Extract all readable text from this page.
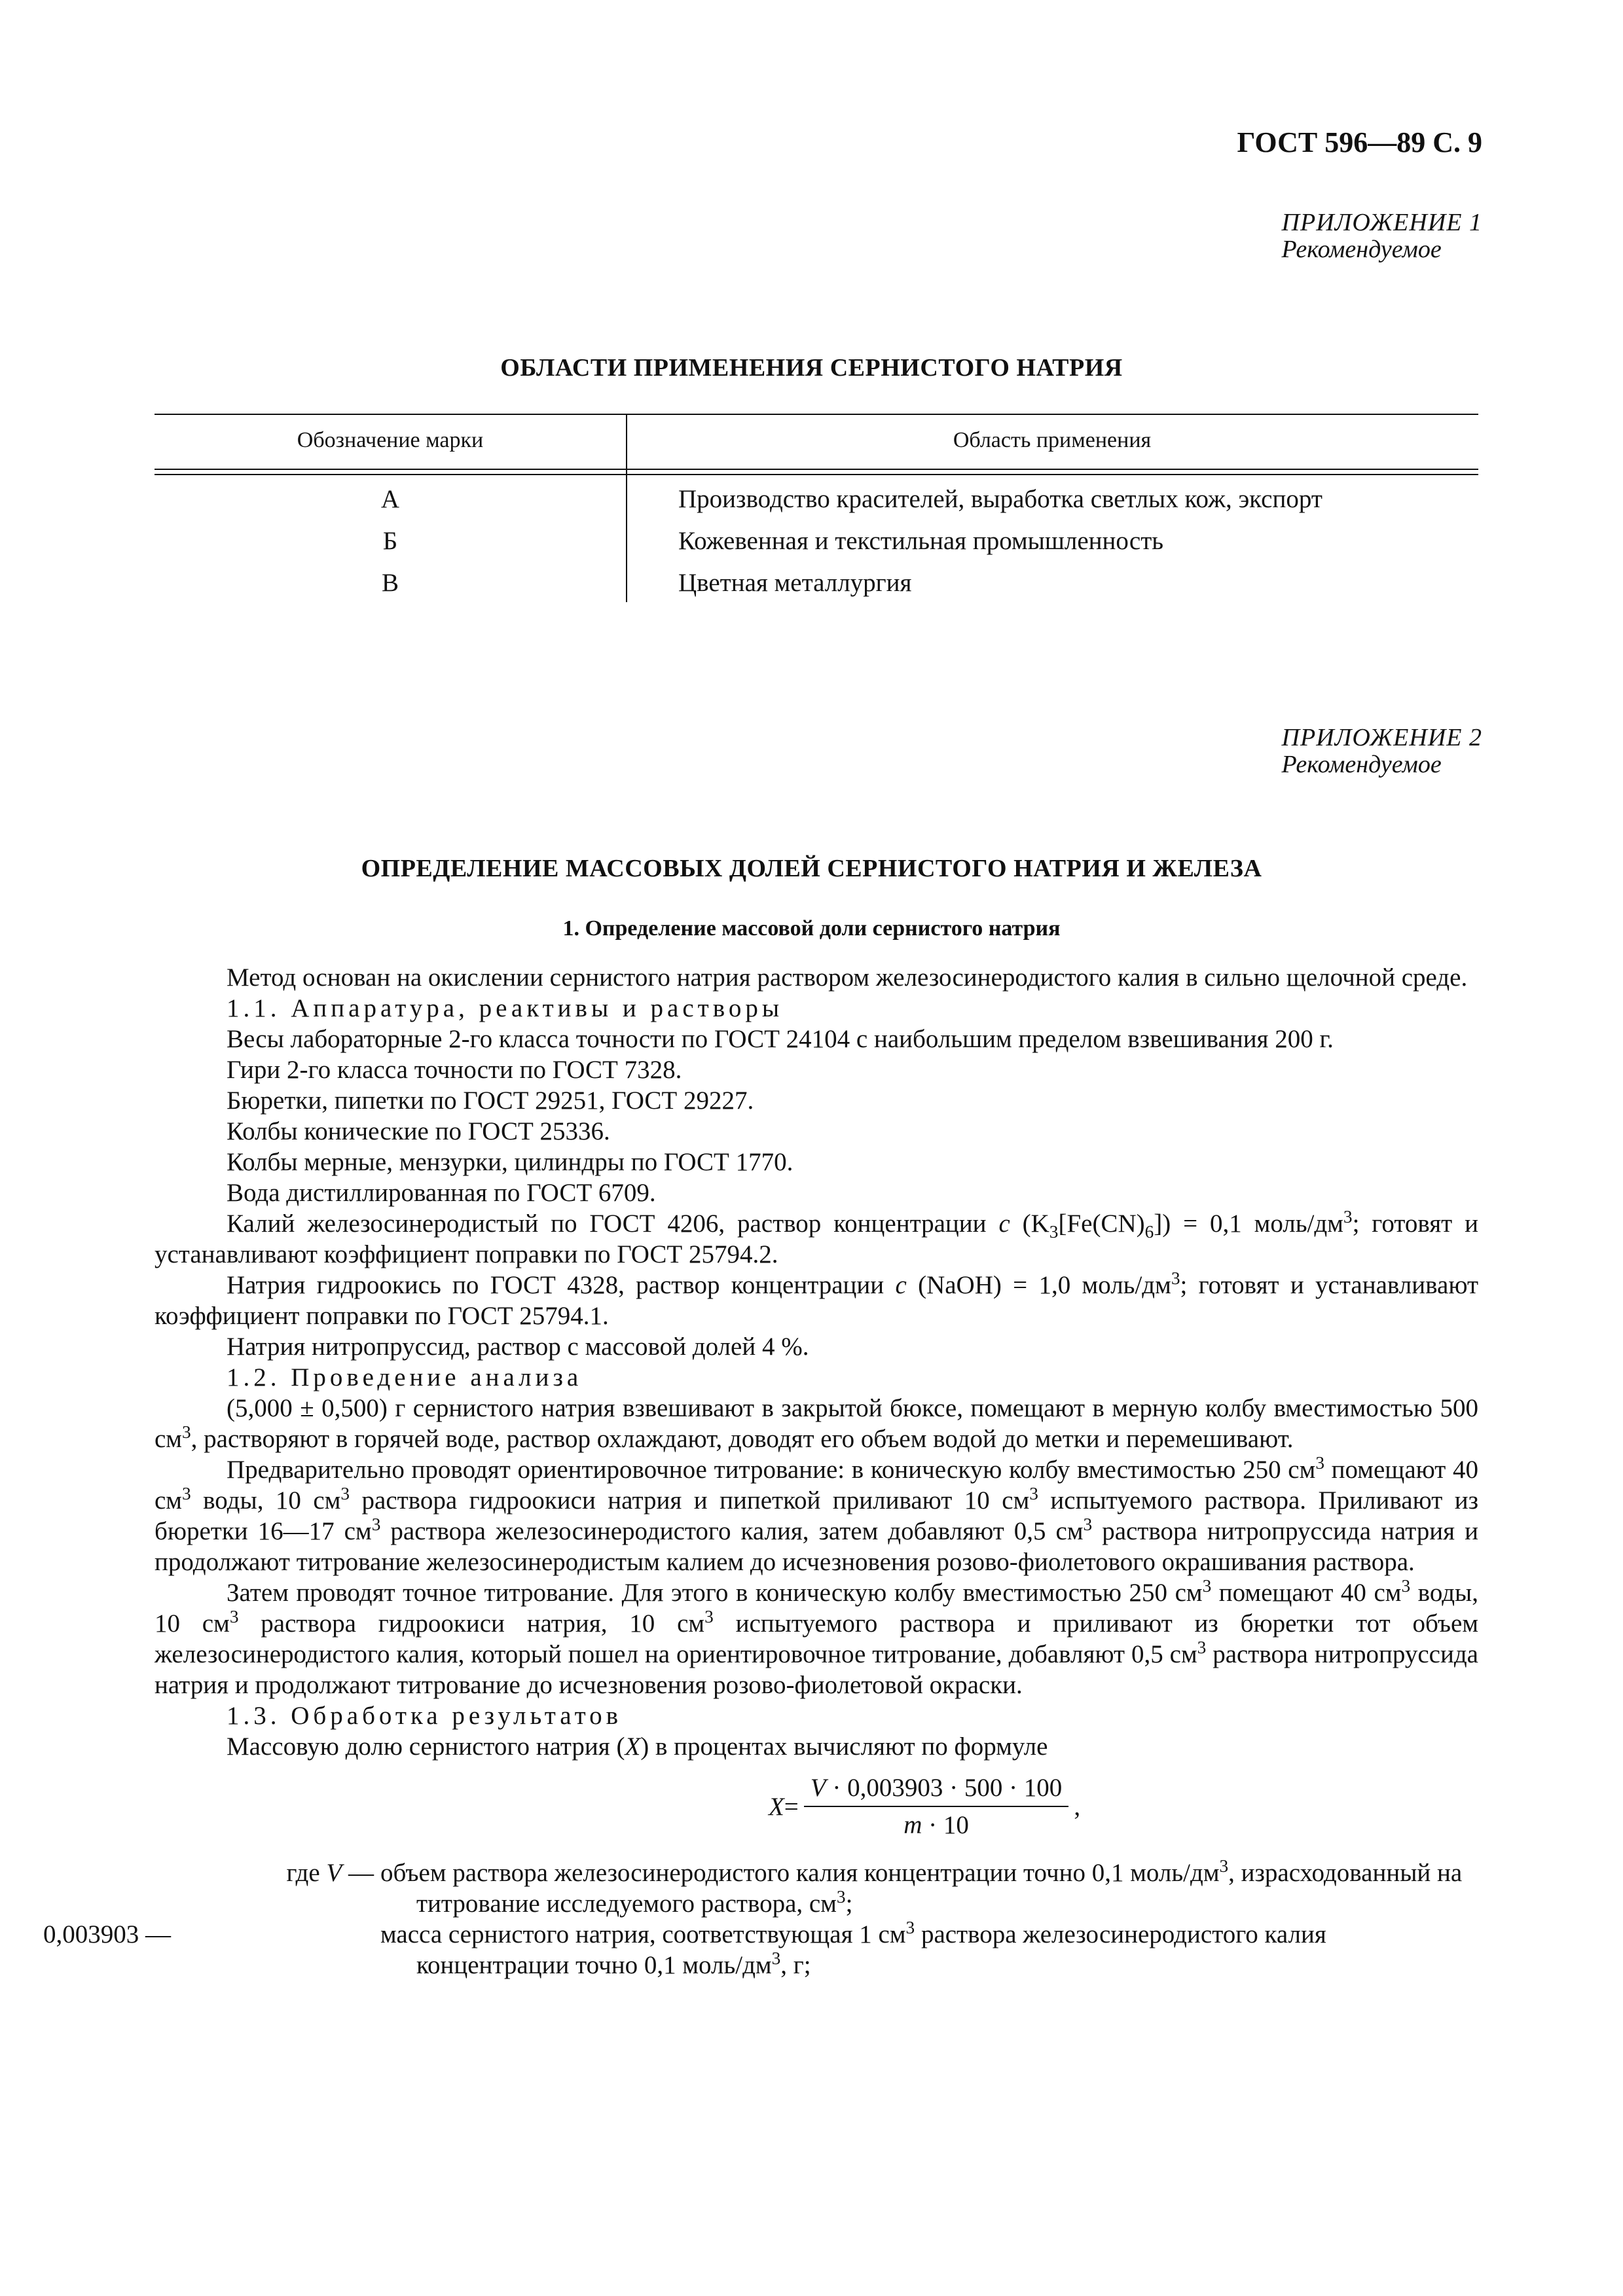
ГОСТ 596—89 С. 9
ПРИЛОЖЕНИЕ 1
Рекомендуемое
ОБЛАСТИ ПРИМЕНЕНИЯ СЕРНИСТОГО НАТРИЯ
Обозначение марки	Область применения
А	Производство красителей, выработка светлых кож, экспорт
Б	Кожевенная и текстильная промышленность
В	Цветная металлургия
ПРИЛОЖЕНИЕ 2
Рекомендуемое
ОПРЕДЕЛЕНИЕ МАССОВЫХ ДОЛЕЙ СЕРНИСТОГО НАТРИЯ И ЖЕЛЕЗА
1. Определение массовой доли сернистого натрия

Метод основан на окислении сернистого натрия раствором железосинеродистого калия в сильно щелочной среде.

1.1. Аппаратура, реактивы и растворы

Весы лабораторные 2-го класса точности по ГОСТ 24104 с наибольшим пределом взвешивания 200 г.

Гири 2-го класса точности по ГОСТ 7328.

Бюретки, пипетки по ГОСТ 29251, ГОСТ 29227.

Колбы конические по ГОСТ 25336.

Колбы мерные, мензурки, цилиндры по ГОСТ 1770.

Вода дистиллированная по ГОСТ 6709.

Калий железосинеродистый по ГОСТ 4206, раствор концентрации c $(K_3[Fe(CN)_6]) = 0,1$ моль/$дм^3$; готовят и устанавливают коэффициент поправки по ГОСТ 25794.2.

Натрия гидроокись по ГОСТ 4328, раствор концентрации c (NaOH) = 1,0 моль/$дм^3$; готовят и устанавливают коэффициент поправки по ГОСТ 25794.1.

Натрия нитропруссид, раствор с массовой долей 4 %.

1.2. Проведение анализа

(5,000 ± 0,500) г сернистого натрия взвешивают в закрытой бюксе, помещают в мерную колбу вместимостью 500 $см^3$, растворяют в горячей воде, раствор охлаждают, доводят его объем водой до метки и перемешивают.

Предварительно проводят ориентировочное титрование: в коническую колбу вместимостью 250 $см^3$ помещают 40 $см^3$ воды, 10 $см^3$ раствора гидроокиси натрия и пипеткой приливают 10 $см^3$ испытуемого раствора. Приливают из бюретки 16—17 $см^3$ раствора железосинеродистого калия, затем добавляют 0,5 $см^3$ раствора нитропруссида натрия и продолжают титрование железосинеродистым калием до исчезновения розово-фиолетового окрашивания раствора.

Затем проводят точное титрование. Для этого в коническую колбу вместимостью 250 $см^3$ помещают 40 $см^3$ воды, 10 $см^3$ раствора гидроокиси натрия, 10 $см^3$ испытуемого раствора и приливают из бюретки тот объем железосинеродистого калия, который пошел на ориентировочное титрование, добавляют 0,5 $см^3$ раствора нитропруссида натрия и продолжают титрование до исчезновения розово-фиолетовой окраски.

1.3. Обработка результатов

Массовую долю сернистого натрия (X) в процентах вычисляют по формуле

$X = \frac{V \cdot 0,003903 \cdot 500 \cdot 100}{m \cdot 10}$ ,
где V — объем раствора железосинеродистого калия концентрации точно 0,1 моль/$дм^3$, израсходованный на титрование исследуемого раствора, $см^3$;
0,003903 —	масса сернистого натрия, соответствующая 1 $см^3$ раствора железосинеродистого калия концентрации точно 0,1 моль/$дм^3$, г;
